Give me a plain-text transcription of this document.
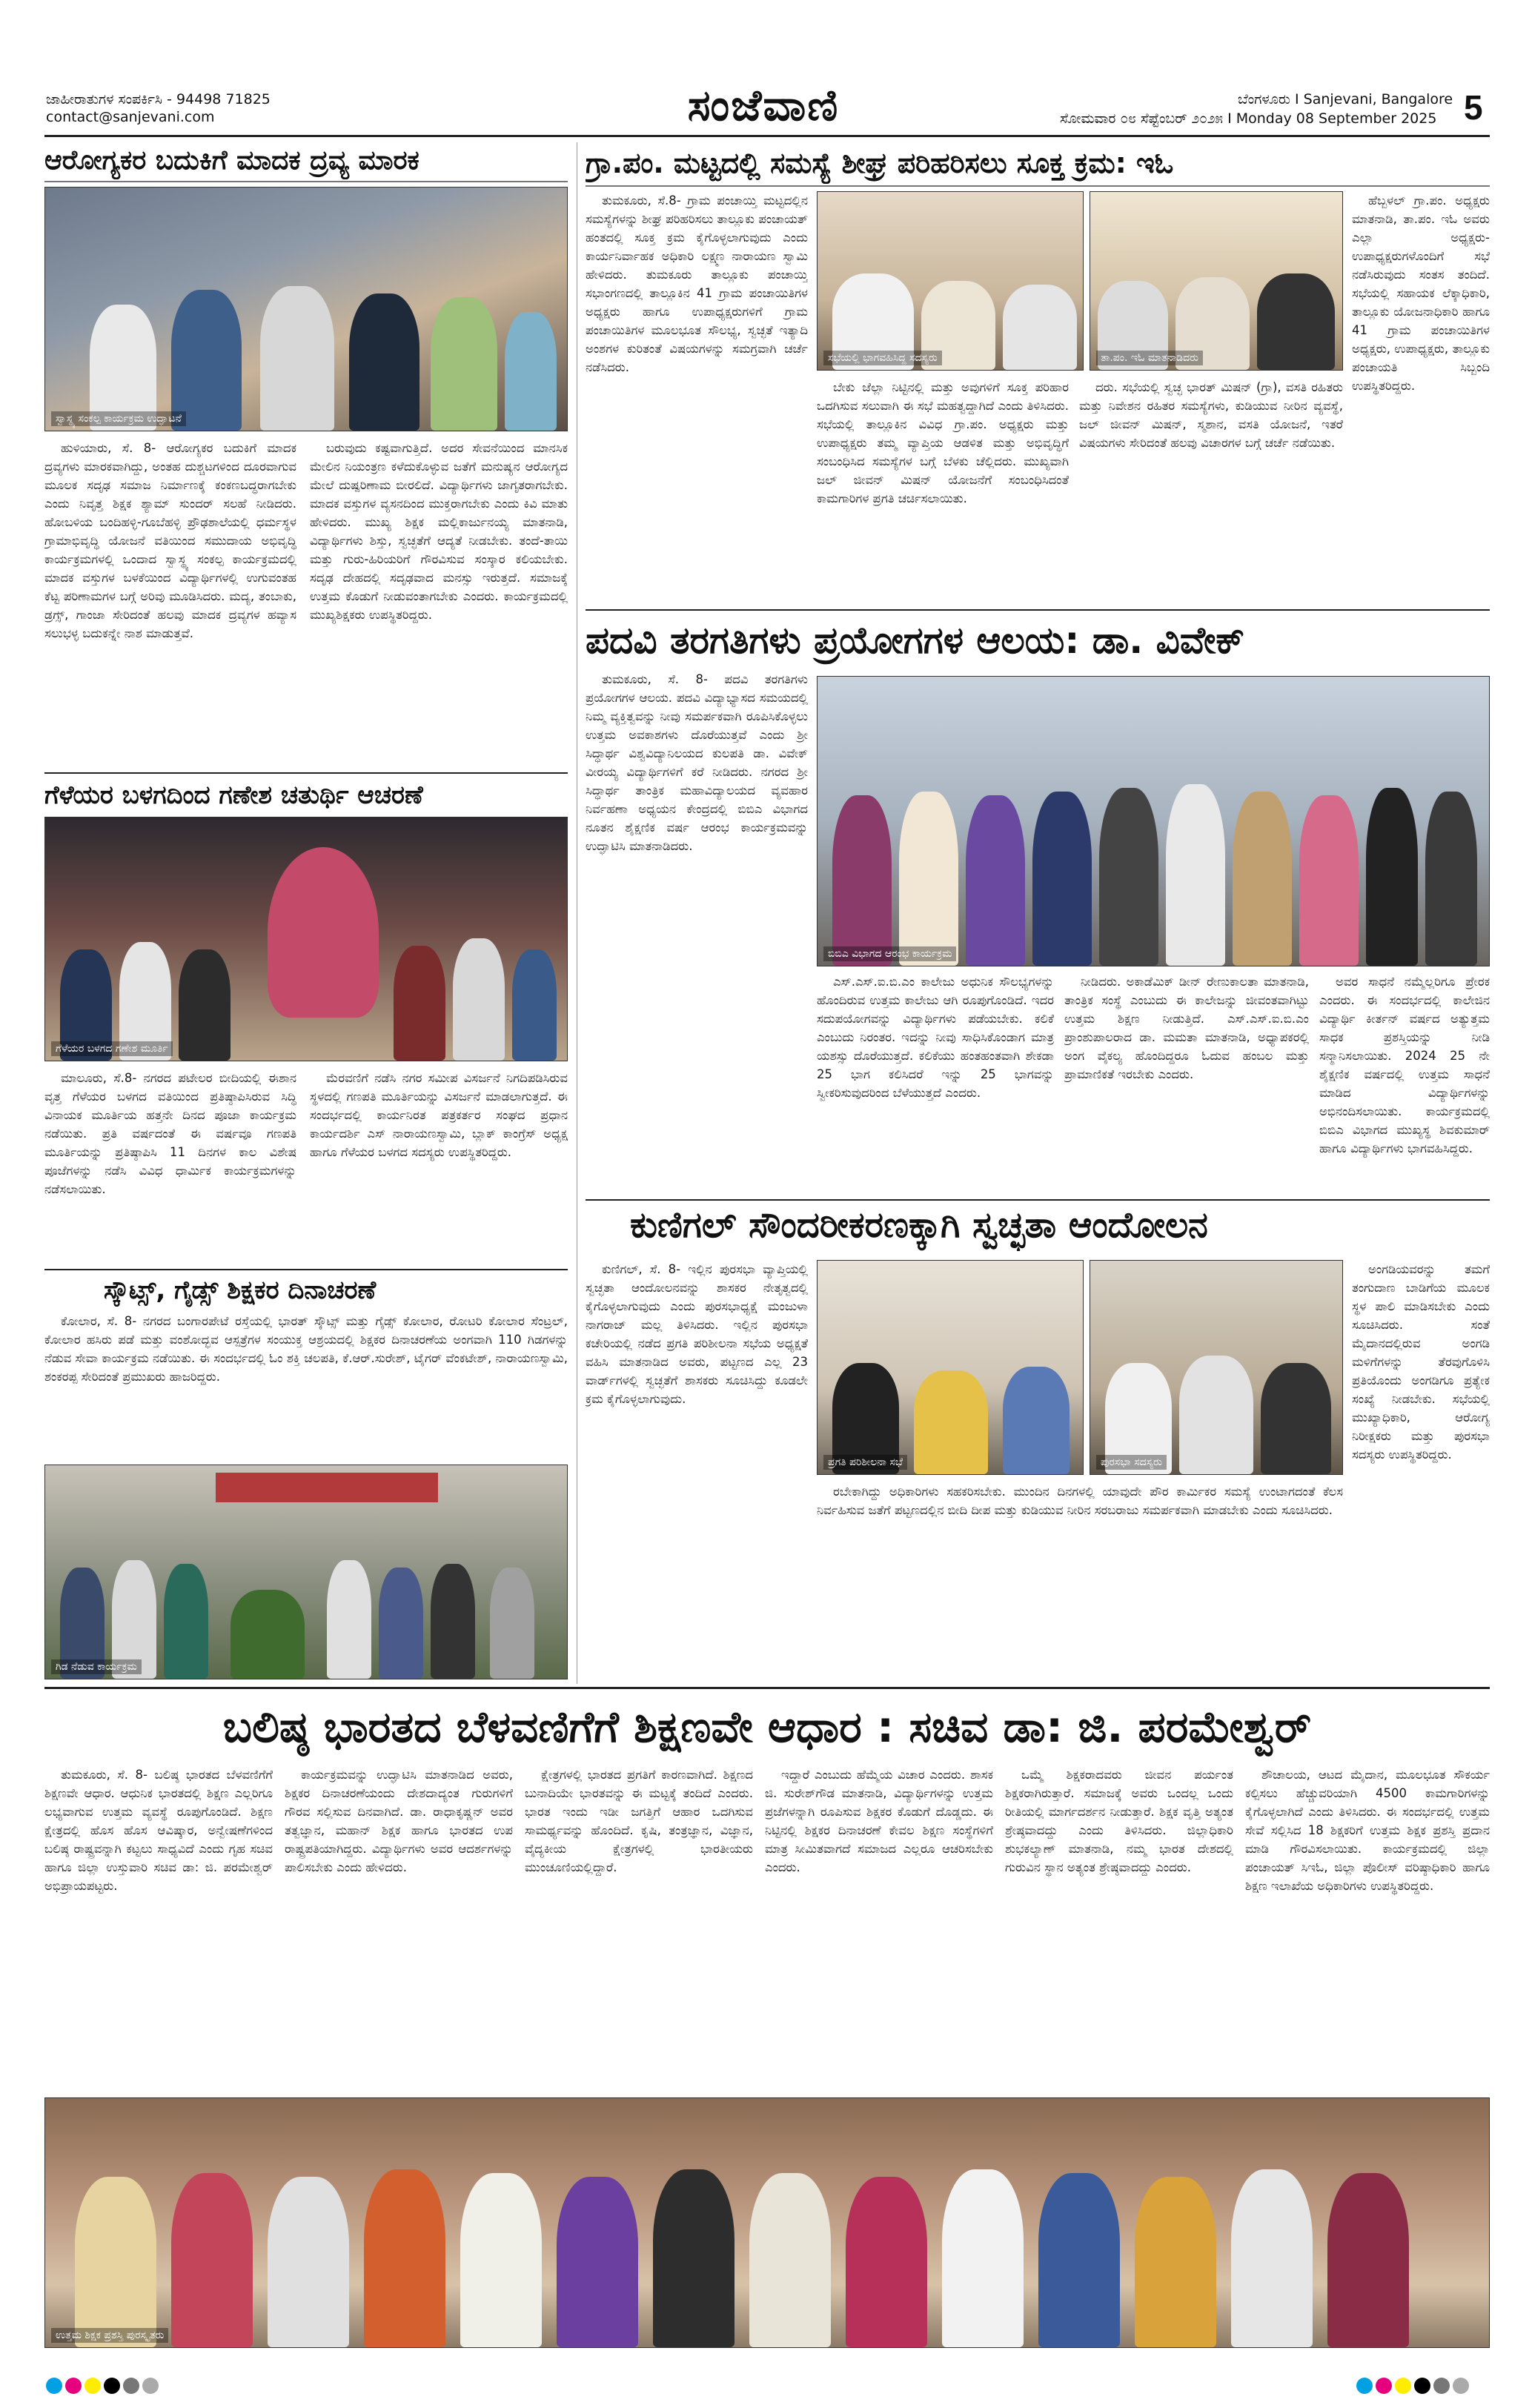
ಜಾಹೀರಾತುಗಳ ಸಂಪರ್ಕಿಸಿ - 94498 71825
contact@sanjevani.com	ಸಂಜೆವಾಣಿ	ಬೆಂಗಳೂರು I Sanjevani, Bangalore
ಸೋಮವಾರ ೦೮ ಸೆಪ್ಟೆಂಬರ್ ೨೦೨೫ I Monday 08 September 2025 5
ಆರೋಗ್ಯಕರ ಬದುಕಿಗೆ ಮಾದಕ ದ್ರವ್ಯ ಮಾರಕ
ಸ್ವಾಸ್ಥ್ಯ ಸಂಕಲ್ಪ ಕಾರ್ಯಕ್ರಮ ಉದ್ಘಾಟನೆ

ಹುಳಿಯಾರು, ಸೆ. 8- ಆರೋಗ್ಯಕರ ಬದುಕಿಗೆ ಮಾದಕ ದ್ರವ್ಯಗಳು ಮಾರಕವಾಗಿದ್ದು, ಅಂತಹ ದುಶ್ಚಟಗಳಿಂದ ದೂರವಾಗುವ ಮೂಲಕ ಸದೃಢ ಸಮಾಜ ನಿರ್ಮಾಣಕ್ಕೆ ಕಂಕಣಬದ್ಧರಾಗಬೇಕು ಎಂದು ನಿವೃತ್ತ ಶಿಕ್ಷಕ ಶ್ಯಾಮ್ ಸುಂದರ್ ಸಲಹೆ ನೀಡಿದರು. ಹೋಬಳಿಯ ಬಂದಿಹಳ್ಳಿ-ಗೂಬೆಹಳ್ಳಿ ಪ್ರೌಢಶಾಲೆಯಲ್ಲಿ ಧರ್ಮಸ್ಥಳ ಗ್ರಾಮಾಭಿವೃದ್ಧಿ ಯೋಜನೆ ವತಿಯಿಂದ ಸಮುದಾಯ ಅಭಿವೃದ್ಧಿ ಕಾರ್ಯಕ್ರಮಗಳಲ್ಲಿ ಒಂದಾದ ಸ್ವಾಸ್ಥ್ಯ ಸಂಕಲ್ಪ ಕಾರ್ಯಕ್ರಮದಲ್ಲಿ ಮಾದಕ ವಸ್ತುಗಳ ಬಳಕೆಯಿಂದ ವಿದ್ಯಾರ್ಥಿಗಳಲ್ಲಿ ಉಗುವಂತಹ ಕೆಟ್ಟ ಪರಿಣಾಮಗಳ ಬಗ್ಗೆ ಅರಿವು ಮೂಡಿಸಿದರು. ಮದ್ಯ, ತಂಬಾಕು, ಡ್ರಗ್ಸ್, ಗಾಂಜಾ ಸೇರಿದಂತೆ ಹಲವು ಮಾದಕ ದ್ರವ್ಯಗಳ ಹವ್ಯಾಸ ಸಲುಭಳ್ಳ ಬದುಕನ್ನೇ ನಾಶ ಮಾಡುತ್ತವೆ.

ಬರುವುದು ಕಷ್ಟವಾಗುತ್ತಿದೆ. ಅದರ ಸೇವನೆಯಿಂದ ಮಾನಸಿಕ ಮೇಲಿನ ನಿಯಂತ್ರಣ ಕಳೆದುಕೊಳ್ಳುವ ಜತೆಗೆ ಮನುಷ್ಯನ ಆರೋಗ್ಯದ ಮೇಲೆ ದುಷ್ಪರಿಣಾಮ ಬೀರಲಿದೆ. ವಿದ್ಯಾರ್ಥಿಗಳು ಜಾಗೃತರಾಗಬೇಕು. ಮಾದಕ ವಸ್ತುಗಳ ವ್ಯಸನದಿಂದ ಮುಕ್ತರಾಗಬೇಕು ಎಂದು ಕಿವಿ ಮಾತು ಹೇಳಿದರು. ಮುಖ್ಯ ಶಿಕ್ಷಕ ಮಲ್ಲಿಕಾರ್ಜುನಯ್ಯ ಮಾತನಾಡಿ, ವಿದ್ಯಾರ್ಥಿಗಳು ಶಿಸ್ತು, ಸ್ವಚ್ಛತೆಗೆ ಆದ್ಯತೆ ನೀಡಬೇಕು. ತಂದೆ-ತಾಯಿ ಮತ್ತು ಗುರು-ಹಿರಿಯರಿಗೆ ಗೌರವಿಸುವ ಸಂಸ್ಕಾರ ಕಲಿಯಬೇಕು. ಸದೃಢ ದೇಹದಲ್ಲಿ ಸದೃಢವಾದ ಮನಸ್ಸು ಇರುತ್ತದೆ. ಸಮಾಜಕ್ಕೆ ಉತ್ತಮ ಕೊಡುಗೆ ನೀಡುವಂತಾಗಬೇಕು ಎಂದರು. ಕಾರ್ಯಕ್ರಮದಲ್ಲಿ ಮುಖ್ಯಶಿಕ್ಷಕರು ಉಪಸ್ಥಿತರಿದ್ದರು.

ಗೆಳೆಯರ ಬಳಗದಿಂದ ಗಣೇಶ ಚತುರ್ಥಿ ಆಚರಣೆ
ಗೆಳೆಯರ ಬಳಗದ ಗಣೇಶ ಮೂರ್ತಿ

ಮಾಲೂರು, ಸೆ.8- ನಗರದ ಪಟೇಲರ ಬೀದಿಯಲ್ಲಿ ಈಶಾನ ವೃತ್ತ ಗೆಳೆಯರ ಬಳಗದ ವತಿಯಿಂದ ಪ್ರತಿಷ್ಠಾಪಿಸಿರುವ ಸಿದ್ಧಿ ವಿನಾಯಕ ಮೂರ್ತಿಯ ಹತ್ತನೇ ದಿನದ ಪೂಜಾ ಕಾರ್ಯಕ್ರಮ ನಡೆಯಿತು. ಪ್ರತಿ ವರ್ಷದಂತೆ ಈ ವರ್ಷವೂ ಗಣಪತಿ ಮೂರ್ತಿಯನ್ನು ಪ್ರತಿಷ್ಠಾಪಿಸಿ 11 ದಿನಗಳ ಕಾಲ ವಿಶೇಷ ಪೂಜೆಗಳನ್ನು ನಡೆಸಿ ವಿವಿಧ ಧಾರ್ಮಿಕ ಕಾರ್ಯಕ್ರಮಗಳನ್ನು ನಡೆಸಲಾಯಿತು.

ಮೆರವಣಿಗೆ ನಡೆಸಿ ನಗರ ಸಮೀಪ ವಿಸರ್ಜನೆ ನಿಗದಿಪಡಿಸಿರುವ ಸ್ಥಳದಲ್ಲಿ ಗಣಪತಿ ಮೂರ್ತಿಯನ್ನು ವಿಸರ್ಜನೆ ಮಾಡಲಾಗುತ್ತದೆ. ಈ ಸಂದರ್ಭದಲ್ಲಿ ಕಾರ್ಯನಿರತ ಪತ್ರಕರ್ತರ ಸಂಘದ ಪ್ರಧಾನ ಕಾರ್ಯದರ್ಶಿ ಎಸ್ ನಾರಾಯಣಸ್ವಾಮಿ, ಬ್ಲಾಕ್ ಕಾಂಗ್ರೆಸ್ ಅಧ್ಯಕ್ಷ ಹಾಗೂ ಗೆಳೆಯರ ಬಳಗದ ಸದಸ್ಯರು ಉಪಸ್ಥಿತರಿದ್ದರು.

ಸ್ಕೌಟ್ಸ್, ಗೈಡ್ಸ್ ಶಿಕ್ಷಕರ ದಿನಾಚರಣೆ

ಕೋಲಾರ, ಸೆ. 8- ನಗರದ ಬಂಗಾರಪೇಟೆ ರಸ್ತೆಯಲ್ಲಿ ಭಾರತ್ ಸ್ಕೌಟ್ಸ್ ಮತ್ತು ಗೈಡ್ಸ್ ಕೋಲಾರ, ರೋಟರಿ ಕೋಲಾರ ಸೆಂಟ್ರಲ್, ಕೋಲಾರ ಹಸಿರು ಪಡೆ ಮತ್ತು ವಂಶೋದ್ಭವ ಆಸ್ಪತ್ರೆಗಳ ಸಂಯುಕ್ತ ಆಶ್ರಯದಲ್ಲಿ ಶಿಕ್ಷಕರ ದಿನಾಚರಣೆಯ ಅಂಗವಾಗಿ 110 ಗಿಡಗಳನ್ನು ನೆಡುವ ಸೇವಾ ಕಾರ್ಯಕ್ರಮ ನಡೆಯಿತು. ಈ ಸಂದರ್ಭದಲ್ಲಿ ಓಂ ಶಕ್ತಿ ಚಲಪತಿ, ಕೆ.ಆರ್.ಸುರೇಶ್, ಟೈಗರ್ ವೆಂಕಟೇಶ್, ನಾರಾಯಣಸ್ವಾಮಿ, ಶಂಕರಪ್ಪ ಸೇರಿದಂತೆ ಪ್ರಮುಖರು ಹಾಜರಿದ್ದರು.

ಗಿಡ ನೆಡುವ ಕಾರ್ಯಕ್ರಮ
ಗ್ರಾ.ಪಂ. ಮಟ್ಟದಲ್ಲಿ ಸಮಸ್ಯೆ ಶೀಘ್ರ ಪರಿಹರಿಸಲು ಸೂಕ್ತ ಕ್ರಮ: ಇಓ

ತುಮಕೂರು, ಸೆ.8- ಗ್ರಾಮ ಪಂಚಾಯ್ತಿ ಮಟ್ಟದಲ್ಲಿನ ಸಮಸ್ಯೆಗಳನ್ನು ಶೀಘ್ರ ಪರಿಹರಿಸಲು ತಾಲ್ಲೂಕು ಪಂಚಾಯತ್ ಹಂತದಲ್ಲಿ ಸೂಕ್ತ ಕ್ರಮ ಕೈಗೊಳ್ಳಲಾಗುವುದು ಎಂದು ಕಾರ್ಯನಿರ್ವಾಹಕ ಅಧಿಕಾರಿ ಲಕ್ಷ್ಮಣ ನಾರಾಯಣ ಸ್ವಾಮಿ ಹೇಳಿದರು. ತುಮಕೂರು ತಾಲ್ಲೂಕು ಪಂಚಾಯ್ತಿ ಸಭಾಂಗಣದಲ್ಲಿ ತಾಲ್ಲೂಕಿನ 41 ಗ್ರಾಮ ಪಂಚಾಯಿತಿಗಳ ಅಧ್ಯಕ್ಷರು ಹಾಗೂ ಉಪಾಧ್ಯಕ್ಷರುಗಳಿಗೆ ಗ್ರಾಮ ಪಂಚಾಯಿತಿಗಳ ಮೂಲಭೂತ ಸೌಲಭ್ಯ, ಸ್ವಚ್ಛತೆ ಇತ್ಯಾದಿ ಅಂಶಗಳ ಕುರಿತಂತೆ ವಿಷಯಗಳನ್ನು ಸಮಗ್ರವಾಗಿ ಚರ್ಚೆ ನಡೆಸಿದರು.

ಸಭೆಯಲ್ಲಿ ಭಾಗವಹಿಸಿದ್ದ ಸದಸ್ಯರು	ತಾ.ಪಂ. ಇಓ ಮಾತನಾಡಿದರು

ಹೆಬ್ಬಳಲ್ ಗ್ರಾ.ಪಂ. ಅಧ್ಯಕ್ಷರು ಮಾತನಾಡಿ, ತಾ.ಪಂ. ಇಓ ಅವರು ಎಲ್ಲಾ ಅಧ್ಯಕ್ಷರು- ಉಪಾಧ್ಯಕ್ಷರುಗಳೊಂದಿಗೆ ಸಭೆ ನಡೆಸಿರುವುದು ಸಂತಸ ತಂದಿದೆ. ಸಭೆಯಲ್ಲಿ ಸಹಾಯಕ ಲೆಕ್ಕಾಧಿಕಾರಿ, ತಾಲ್ಲೂಕು ಯೋಜನಾಧಿಕಾರಿ ಹಾಗೂ 41 ಗ್ರಾಮ ಪಂಚಾಯಿತಿಗಳ ಅಧ್ಯಕ್ಷರು, ಉಪಾಧ್ಯಕ್ಷರು, ತಾಲ್ಲೂಕು ಪಂಚಾಯತಿ ಸಿಬ್ಬಂದಿ ಉಪಸ್ಥಿತರಿದ್ದರು.

ಬೇಕು ಜೆಲ್ಲಾ ನಿಟ್ಟಿನಲ್ಲಿ ಮತ್ತು ಅವುಗಳಿಗೆ ಸೂಕ್ತ ಪರಿಹಾರ ಒದಗಿಸುವ ಸಲುವಾಗಿ ಈ ಸಭೆ ಮಹತ್ವದ್ದಾಗಿದೆ ಎಂದು ತಿಳಿಸಿದರು. ಸಭೆಯಲ್ಲಿ ತಾಲ್ಲೂಕಿನ ವಿವಿಧ ಗ್ರಾ.ಪಂ. ಅಧ್ಯಕ್ಷರು ಮತ್ತು ಉಪಾಧ್ಯಕ್ಷರು ತಮ್ಮ ವ್ಯಾಪ್ತಿಯ ಆಡಳಿತ ಮತ್ತು ಅಭಿವೃದ್ಧಿಗೆ ಸಂಬಂಧಿಸಿದ ಸಮಸ್ಯೆಗಳ ಬಗ್ಗೆ ಬೆಳಕು ಚೆಲ್ಲಿದರು. ಮುಖ್ಯವಾಗಿ ಜಲ್ ಜೀವನ್ ಮಿಷನ್ ಯೋಜನೆಗೆ ಸಂಬಂಧಿಸಿದಂತೆ ಕಾಮಗಾರಿಗಳ ಪ್ರಗತಿ ಚರ್ಚಿಸಲಾಯಿತು.

ದರು. ಸಭೆಯಲ್ಲಿ ಸ್ವಚ್ಛ ಭಾರತ್ ಮಿಷನ್ (ಗ್ರಾ), ವಸತಿ ರಹಿತರು ಮತ್ತು ನಿವೇಶನ ರಹಿತರ ಸಮಸ್ಯೆಗಳು, ಕುಡಿಯುವ ನೀರಿನ ವ್ಯವಸ್ಥೆ, ಜಲ್ ಜೀವನ್ ಮಿಷನ್, ಸ್ಮಶಾನ, ವಸತಿ ಯೋಜನೆ, ಇತರೆ ವಿಷಯಗಳು ಸೇರಿದಂತೆ ಹಲವು ವಿಚಾರಗಳ ಬಗ್ಗೆ ಚರ್ಚೆ ನಡೆಯಿತು.

ಪದವಿ ತರಗತಿಗಳು ಪ್ರಯೋಗಗಳ ಆಲಯ: ಡಾ. ವಿವೇಕ್

ತುಮಕೂರು, ಸೆ. 8- ಪದವಿ ತರಗತಿಗಳು ಪ್ರಯೋಗಗಳ ಆಲಯ. ಪದವಿ ವಿದ್ಯಾಭ್ಯಾಸದ ಸಮಯದಲ್ಲಿ ನಿಮ್ಮ ವ್ಯಕ್ತಿತ್ವವನ್ನು ನೀವು ಸಮರ್ಪಕವಾಗಿ ರೂಪಿಸಿಕೊಳ್ಳಲು ಉತ್ತಮ ಅವಕಾಶಗಳು ದೊರೆಯುತ್ತವೆ ಎಂದು ಶ್ರೀ ಸಿದ್ಧಾರ್ಥ ವಿಶ್ವವಿದ್ಯಾನಿಲಯದ ಕುಲಪತಿ ಡಾ. ವಿವೇಕ್ ವೀರಯ್ಯ ವಿದ್ಯಾರ್ಥಿಗಳಿಗೆ ಕರೆ ನೀಡಿದರು. ನಗರದ ಶ್ರೀ ಸಿದ್ಧಾರ್ಥ ತಾಂತ್ರಿಕ ಮಹಾವಿದ್ಯಾಲಯದ ವ್ಯವಹಾರ ನಿರ್ವಹಣಾ ಅಧ್ಯಯನ ಕೇಂದ್ರದಲ್ಲಿ ಬಿಬಿಎ ವಿಭಾಗದ ನೂತನ ಶೈಕ್ಷಣಿಕ ವರ್ಷ ಆರಂಭ ಕಾರ್ಯಕ್ರಮವನ್ನು ಉದ್ಘಾಟಿಸಿ ಮಾತನಾಡಿದರು.

ಬಿಬಿಎ ವಿಭಾಗದ ಆರಂಭ ಕಾರ್ಯಕ್ರಮ

ಎಸ್.ಎಸ್.ಐ.ಬಿ.ಎಂ ಕಾಲೇಜು ಅಧುನಿಕ ಸೌಲಭ್ಯಗಳನ್ನು ಹೊಂದಿರುವ ಉತ್ತಮ ಕಾಲೇಜು ಆಗಿ ರೂಪುಗೊಂಡಿದೆ. ಇದರ ಸದುಪಯೋಗವನ್ನು ವಿದ್ಯಾರ್ಥಿಗಳು ಪಡೆಯಬೇಕು. ಕಲಿಕೆ ಎಂಬುದು ನಿರಂತರ. ಇದನ್ನು ನೀವು ಸಾಧಿಸಿಕೊಂಡಾಗ ಮಾತ್ರ ಯಶಸ್ಸು ದೊರೆಯುತ್ತದೆ. ಕಲಿಕೆಯು ಹಂತಹಂತವಾಗಿ ಶೇಕಡಾ 25 ಭಾಗ ಕಲಿಸಿದರೆ ಇನ್ನು 25 ಭಾಗವನ್ನು ಸ್ವೀಕರಿಸುವುದರಿಂದ ಬೆಳೆಯುತ್ತದೆ ಎಂದರು.

ನೀಡಿದರು. ಅಕಾಡೆಮಿಕ್ ಡೀನ್ ರೇಣುಕಾಲತಾ ಮಾತನಾಡಿ, ತಾಂತ್ರಿಕ ಸಂಸ್ಥೆ ಎಂಬುದು ಈ ಕಾಲೇಜನ್ನು ಜೀವಂತವಾಗಿಟ್ಟು ಉತ್ತಮ ಶಿಕ್ಷಣ ನೀಡುತ್ತಿದೆ. ಎಸ್.ಎಸ್.ಐ.ಬಿ.ಎಂ ಪ್ರಾಂಶುಪಾಲರಾದ ಡಾ. ಮಮತಾ ಮಾತನಾಡಿ, ಅಧ್ಯಾಪಕರಲ್ಲಿ ಅಂಗ ವೈಕಲ್ಯ ಹೊಂದಿದ್ದರೂ ಓದುವ ಹಂಬಲ ಮತ್ತು ಪ್ರಾಮಾಣಿಕತೆ ಇರಬೇಕು ಎಂದರು.

ಅವರ ಸಾಧನೆ ನಮ್ಮೆಲ್ಲರಿಗೂ ಪ್ರೇರಕ ಎಂದರು. ಈ ಸಂದರ್ಭದಲ್ಲಿ ಕಾಲೇಜಿನ ವಿದ್ಯಾರ್ಥಿ ಕೀರ್ತನ್ ವರ್ಷದ ಅತ್ಯುತ್ತಮ ಸಾಧಕ ಪ್ರಶಸ್ತಿಯನ್ನು ನೀಡಿ ಸನ್ಮಾನಿಸಲಾಯಿತು. 2024 25 ನೇ ಶೈಕ್ಷಣಿಕ ವರ್ಷದಲ್ಲಿ ಉತ್ತಮ ಸಾಧನೆ ಮಾಡಿದ ವಿದ್ಯಾರ್ಥಿಗಳನ್ನು ಅಭಿನಂದಿಸಲಾಯಿತು. ಕಾರ್ಯಕ್ರಮದಲ್ಲಿ ಬಿಬಿಎ ವಿಭಾಗದ ಮುಖ್ಯಸ್ಥ ಶಿವಕುಮಾರ್ ಹಾಗೂ ವಿದ್ಯಾರ್ಥಿಗಳು ಭಾಗವಹಿಸಿದ್ದರು.

ಕುಣಿಗಲ್ ಸೌಂದರೀಕರಣಕ್ಕಾಗಿ ಸ್ವಚ್ಛತಾ ಆಂದೋಲನ

ಕುಣಿಗಲ್, ಸೆ. 8- ಇಲ್ಲಿನ ಪುರಸಭಾ ವ್ಯಾಪ್ತಿಯಲ್ಲಿ ಸ್ವಚ್ಛತಾ ಆಂದೋಲನವನ್ನು ಶಾಸಕರ ನೇತೃತ್ವದಲ್ಲಿ ಕೈಗೊಳ್ಳಲಾಗುವುದು ಎಂದು ಪುರಸಭಾಧ್ಯಕ್ಷೆ ಮಂಜುಳಾ ನಾಗರಾಜ್ ಮಲ್ಲ ತಿಳಿಸಿದರು. ಇಲ್ಲಿನ ಪುರಸಭಾ ಕಚೇರಿಯಲ್ಲಿ ನಡೆದ ಪ್ರಗತಿ ಪರಿಶೀಲನಾ ಸಭೆಯ ಅಧ್ಯಕ್ಷತೆ ವಹಿಸಿ ಮಾತನಾಡಿದ ಅವರು, ಪಟ್ಟಣದ ಎಲ್ಲ 23 ವಾರ್ಡ್‌ಗಳಲ್ಲಿ ಸ್ವಚ್ಛತೆಗೆ ಶಾಸಕರು ಸೂಚಿಸಿದ್ದು ಕೂಡಲೇ ಕ್ರಮ ಕೈಗೊಳ್ಳಲಾಗುವುದು.

ಪ್ರಗತಿ ಪರಿಶೀಲನಾ ಸಭೆ	ಪುರಸಭಾ ಸದಸ್ಯರು

ಅಂಗಡಿಯವರನ್ನು ತಮಗೆ ತಂಗುದಾಣ ಬಾಡಿಗೆಯ ಮೂಲಕ ಸ್ಥಳ ಪಾಲಿ ಮಾಡಿಸಬೇಕು ಎಂದು ಸೂಚಿಸಿದರು. ಸಂತೆ ಮೈದಾನದಲ್ಲಿರುವ ಅಂಗಡಿ ಮಳಿಗೆಗಳನ್ನು ತೆರವುಗೊಳಿಸಿ ಪ್ರತಿಯೊಂದು ಅಂಗಡಿಗೂ ಪ್ರತ್ಯೇಕ ಸಂಖ್ಯೆ ನೀಡಬೇಕು. ಸಭೆಯಲ್ಲಿ ಮುಖ್ಯಾಧಿಕಾರಿ, ಆರೋಗ್ಯ ನಿರೀಕ್ಷಕರು ಮತ್ತು ಪುರಸಭಾ ಸದಸ್ಯರು ಉಪಸ್ಥಿತರಿದ್ದರು.

ರಬೇಕಾಗಿದ್ದು ಅಧಿಕಾರಿಗಳು ಸಹಕರಿಸಬೇಕು. ಮುಂದಿನ ದಿನಗಳಲ್ಲಿ ಯಾವುದೇ ಪೌರ ಕಾರ್ಮಿಕರ ಸಮಸ್ಯೆ ಉಂಟಾಗದಂತೆ ಕೆಲಸ ನಿರ್ವಹಿಸುವ ಜತೆಗೆ ಪಟ್ಟಣದಲ್ಲಿನ ಬೀದಿ ದೀಪ ಮತ್ತು ಕುಡಿಯುವ ನೀರಿನ ಸರಬರಾಜು ಸಮರ್ಪಕವಾಗಿ ಮಾಡಬೇಕು ಎಂದು ಸೂಚಿಸಿದರು.

ಬಲಿಷ್ಠ ಭಾರತದ ಬೆಳವಣಿಗೆಗೆ ಶಿಕ್ಷಣವೇ ಆಧಾರ : ಸಚಿವ ಡಾ: ಜಿ. ಪರಮೇಶ್ವರ್

ತುಮಕೂರು, ಸೆ. 8- ಬಲಿಷ್ಠ ಭಾರತದ ಬೆಳವಣಿಗೆಗೆ ಶಿಕ್ಷಣವೇ ಆಧಾರ. ಆಧುನಿಕ ಭಾರತದಲ್ಲಿ ಶಿಕ್ಷಣ ಎಲ್ಲರಿಗೂ ಲಭ್ಯವಾಗುವ ಉತ್ತಮ ವ್ಯವಸ್ಥೆ ರೂಪುಗೊಂಡಿದೆ. ಶಿಕ್ಷಣ ಕ್ಷೇತ್ರದಲ್ಲಿ ಹೊಸ ಹೊಸ ಆವಿಷ್ಕಾರ, ಅನ್ವೇಷಣೆಗಳಿಂದ ಬಲಿಷ್ಠ ರಾಷ್ಟ್ರವನ್ನಾಗಿ ಕಟ್ಟಲು ಸಾಧ್ಯವಿದೆ ಎಂದು ಗೃಹ ಸಚಿವ ಹಾಗೂ ಜಿಲ್ಲಾ ಉಸ್ತುವಾರಿ ಸಚಿವ ಡಾ: ಜಿ. ಪರಮೇಶ್ವರ್ ಅಭಿಪ್ರಾಯಪಟ್ಟರು.

ಕಾರ್ಯಕ್ರಮವನ್ನು ಉದ್ಘಾಟಿಸಿ ಮಾತನಾಡಿದ ಅವರು, ಶಿಕ್ಷಕರ ದಿನಾಚರಣೆಯಂದು ದೇಶದಾದ್ಯಂತ ಗುರುಗಳಿಗೆ ಗೌರವ ಸಲ್ಲಿಸುವ ದಿನವಾಗಿದೆ. ಡಾ. ರಾಧಾಕೃಷ್ಣನ್ ಅವರ ತತ್ವಜ್ಞಾನ, ಮಹಾನ್ ಶಿಕ್ಷಕ ಹಾಗೂ ಭಾರತದ ಉಪ ರಾಷ್ಟ್ರಪತಿಯಾಗಿದ್ದರು. ವಿದ್ಯಾರ್ಥಿಗಳು ಅವರ ಆದರ್ಶಗಳನ್ನು ಪಾಲಿಸಬೇಕು ಎಂದು ಹೇಳಿದರು.

ಕ್ಷೇತ್ರಗಳಲ್ಲಿ ಭಾರತದ ಪ್ರಗತಿಗೆ ಕಾರಣವಾಗಿದೆ. ಶಿಕ್ಷಣದ ಬುನಾದಿಯೇ ಭಾರತವನ್ನು ಈ ಮಟ್ಟಕ್ಕೆ ತಂದಿದೆ ಎಂದರು. ಭಾರತ ಇಂದು ಇಡೀ ಜಗತ್ತಿಗೆ ಆಹಾರ ಒದಗಿಸುವ ಸಾಮರ್ಥ್ಯವನ್ನು ಹೊಂದಿದೆ. ಕೃಷಿ, ತಂತ್ರಜ್ಞಾನ, ವಿಜ್ಞಾನ, ವೈದ್ಯಕೀಯ ಕ್ಷೇತ್ರಗಳಲ್ಲಿ ಭಾರತೀಯರು ಮುಂಚೂಣಿಯಲ್ಲಿದ್ದಾರೆ.

ಇದ್ದಾರೆ ಎಂಬುದು ಹೆಮ್ಮೆಯ ವಿಚಾರ ಎಂದರು. ಶಾಸಕ ಜಿ. ಸುರೇಶ್‌ಗೌಡ ಮಾತನಾಡಿ, ವಿದ್ಯಾರ್ಥಿಗಳನ್ನು ಉತ್ತಮ ಪ್ರಜೆಗಳನ್ನಾಗಿ ರೂಪಿಸುವ ಶಿಕ್ಷಕರ ಕೊಡುಗೆ ದೊಡ್ಡದು. ಈ ನಿಟ್ಟಿನಲ್ಲಿ ಶಿಕ್ಷಕರ ದಿನಾಚರಣೆ ಕೇವಲ ಶಿಕ್ಷಣ ಸಂಸ್ಥೆಗಳಿಗೆ ಮಾತ್ರ ಸೀಮಿತವಾಗದೆ ಸಮಾಜದ ಎಲ್ಲರೂ ಆಚರಿಸಬೇಕು ಎಂದರು.

ಒಮ್ಮೆ ಶಿಕ್ಷಕರಾದವರು ಜೀವನ ಪರ್ಯಂತ ಶಿಕ್ಷಕರಾಗಿರುತ್ತಾರೆ. ಸಮಾಜಕ್ಕೆ ಅವರು ಒಂದಲ್ಲ ಒಂದು ರೀತಿಯಲ್ಲಿ ಮಾರ್ಗದರ್ಶನ ನೀಡುತ್ತಾರೆ. ಶಿಕ್ಷಕ ವೃತ್ತಿ ಅತ್ಯಂತ ಶ್ರೇಷ್ಠವಾದದ್ದು ಎಂದು ತಿಳಿಸಿದರು. ಜಿಲ್ಲಾಧಿಕಾರಿ ಶುಭಕಲ್ಯಾಣ್ ಮಾತನಾಡಿ, ನಮ್ಮ ಭಾರತ ದೇಶದಲ್ಲಿ ಗುರುವಿನ ಸ್ಥಾನ ಅತ್ಯಂತ ಶ್ರೇಷ್ಠವಾದದ್ದು ಎಂದರು.

ಶೌಚಾಲಯ, ಆಟದ ಮೈದಾನ, ಮೂಲಭೂತ ಸೌಕರ್ಯ ಕಲ್ಪಿಸಲು ಹೆಚ್ಚುವರಿಯಾಗಿ 4500 ಕಾಮಗಾರಿಗಳನ್ನು ಕೈಗೊಳ್ಳಲಾಗಿದೆ ಎಂದು ತಿಳಿಸಿದರು. ಈ ಸಂದರ್ಭದಲ್ಲಿ ಉತ್ತಮ ಸೇವೆ ಸಲ್ಲಿಸಿದ 18 ಶಿಕ್ಷಕರಿಗೆ ಉತ್ತಮ ಶಿಕ್ಷಕ ಪ್ರಶಸ್ತಿ ಪ್ರದಾನ ಮಾಡಿ ಗೌರವಿಸಲಾಯಿತು. ಕಾರ್ಯಕ್ರಮದಲ್ಲಿ ಜಿಲ್ಲಾ ಪಂಚಾಯತ್ ಸಿಇಓ, ಜಿಲ್ಲಾ ಪೊಲೀಸ್ ವರಿಷ್ಠಾಧಿಕಾರಿ ಹಾಗೂ ಶಿಕ್ಷಣ ಇಲಾಖೆಯ ಅಧಿಕಾರಿಗಳು ಉಪಸ್ಥಿತರಿದ್ದರು.

ಉತ್ತಮ ಶಿಕ್ಷಕ ಪ್ರಶಸ್ತಿ ಪುರಸ್ಕೃತರು
